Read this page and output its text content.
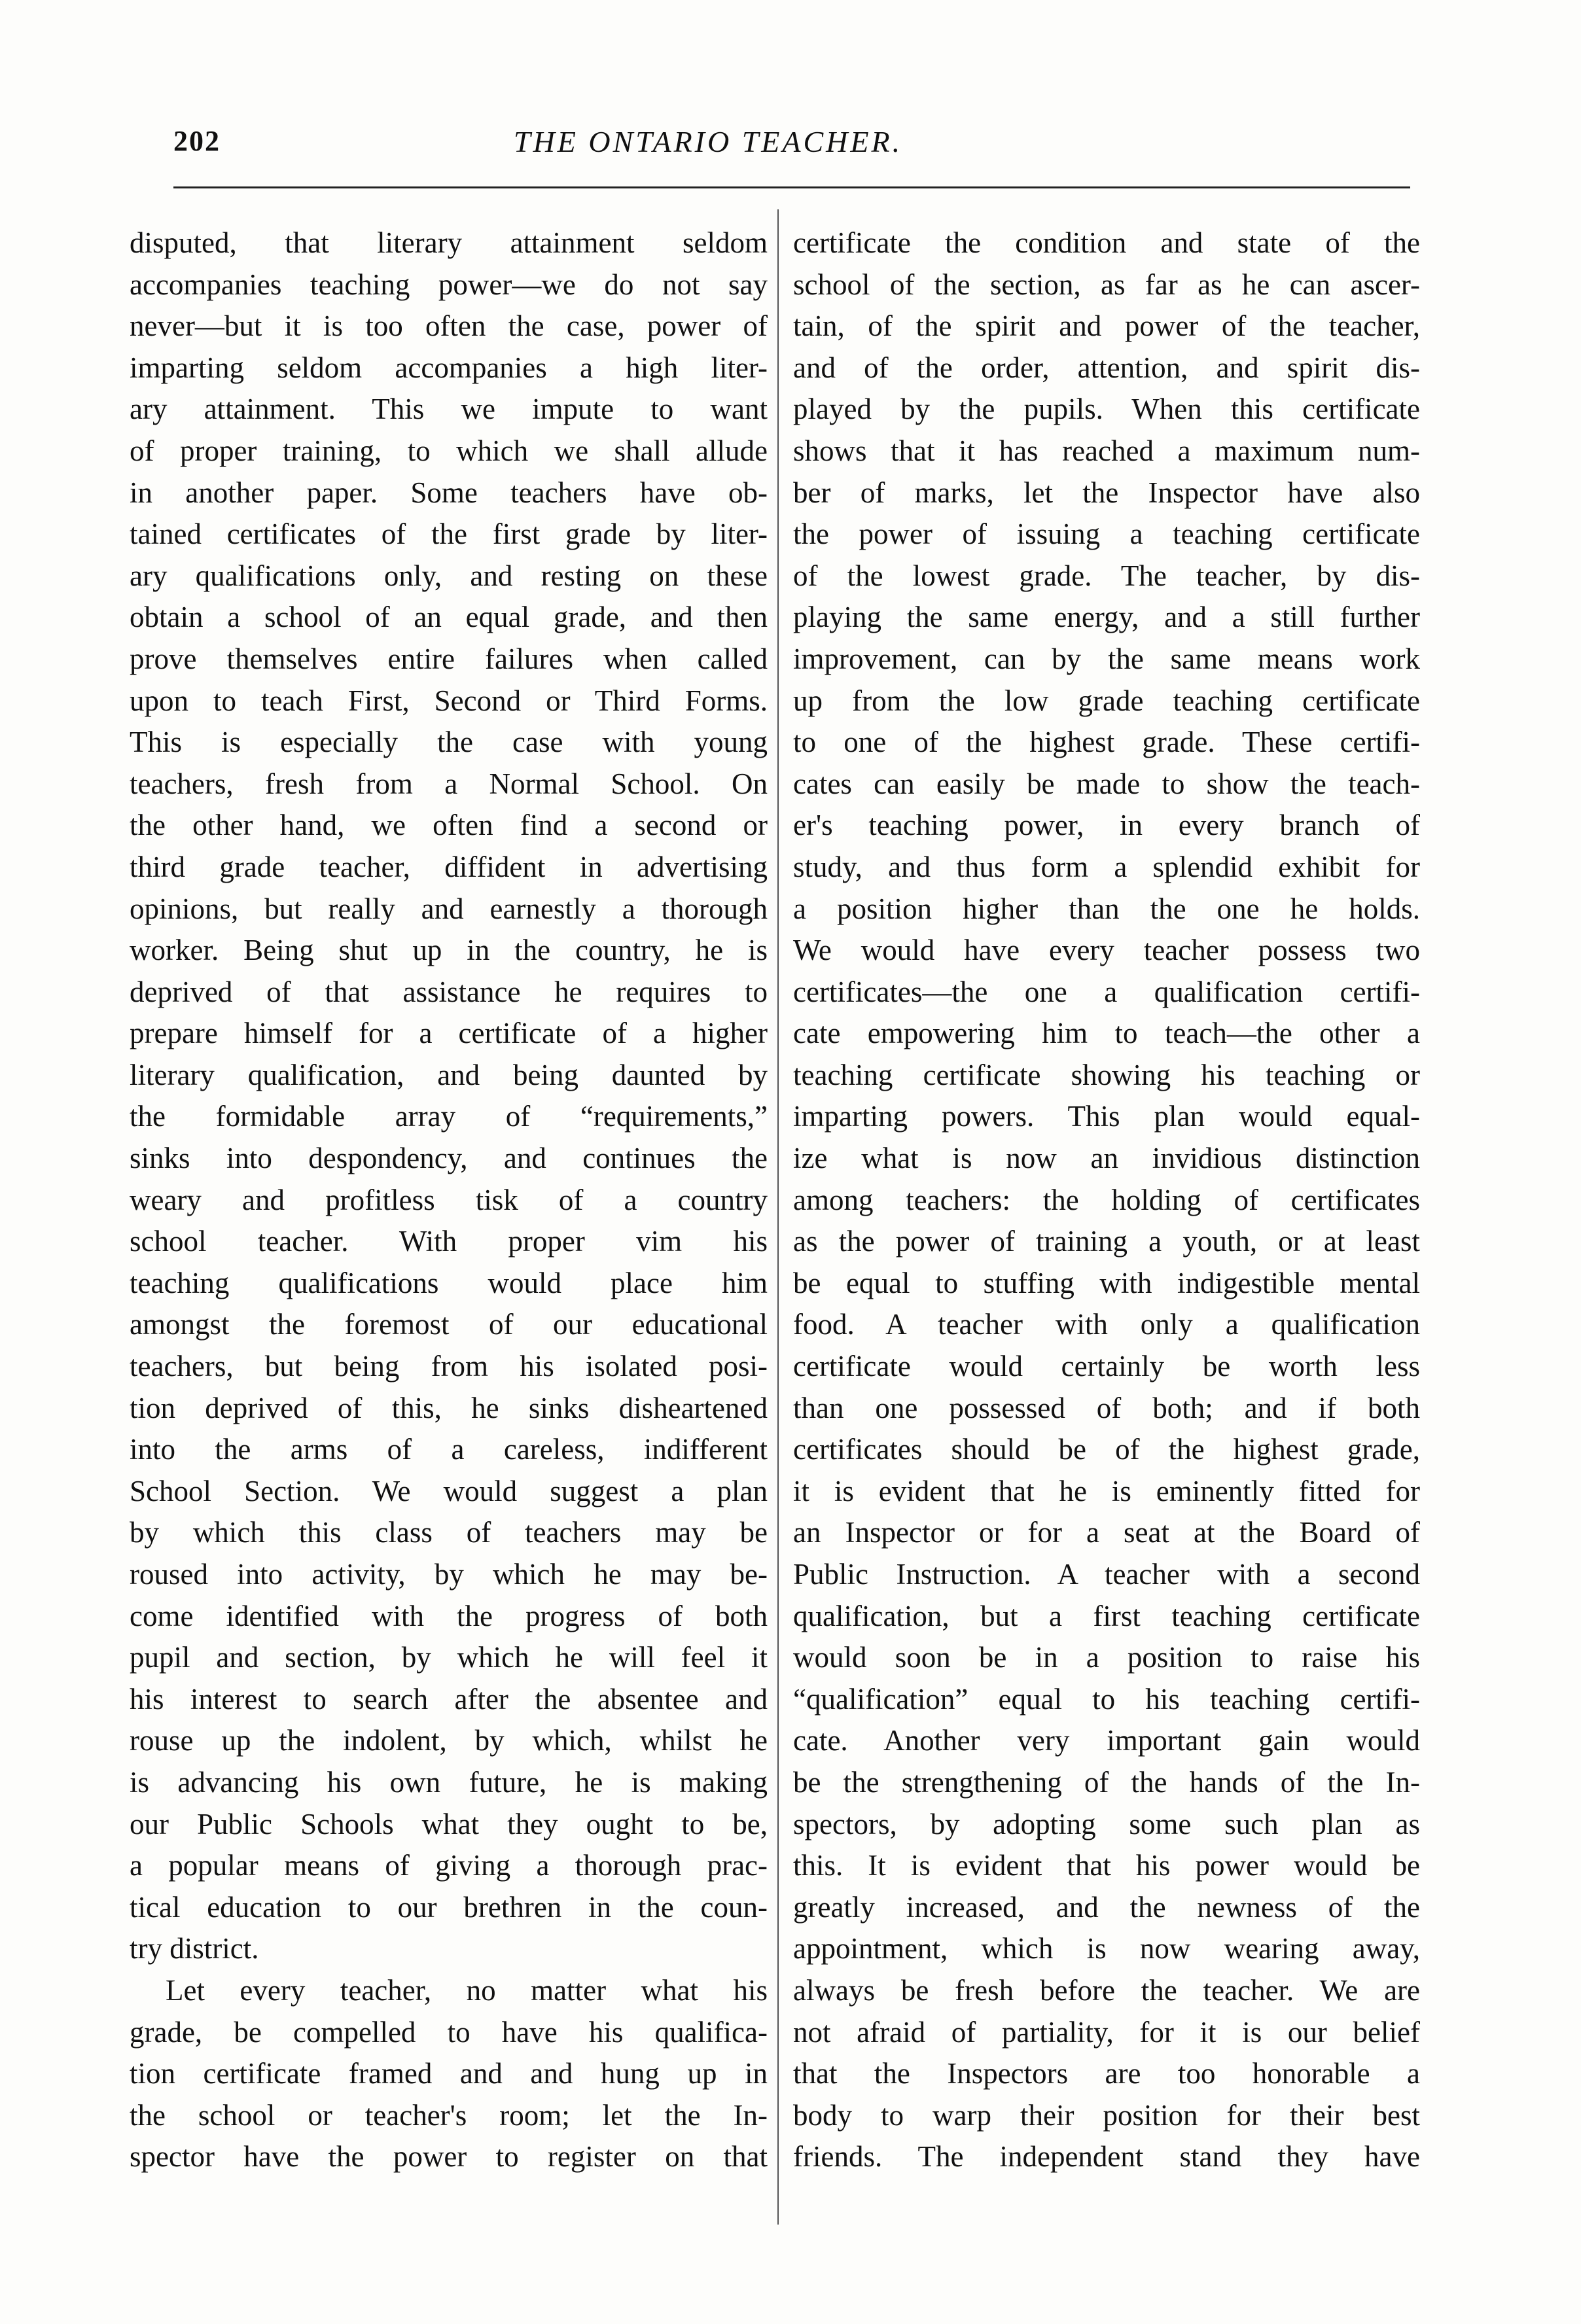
202	THE ONTARIO TEACHER.
disputed, that literary attainment seldom
accompanies teaching power—we do not say
never—but it is too often the case, power of
imparting seldom accompanies a high liter-
ary attainment. This we impute to want
of proper training, to which we shall allude
in another paper. Some teachers have ob-
tained certificates of the first grade by liter-
ary qualifications only, and resting on these
obtain a school of an equal grade, and then
prove themselves entire failures when called
upon to teach First, Second or Third Forms.
This is especially the case with young
teachers, fresh from a Normal School. On
the other hand, we often find a second or
third grade teacher, diffident in advertising
opinions, but really and earnestly a thorough
worker. Being shut up in the country, he is
deprived of that assistance he requires to
prepare himself for a certificate of a higher
literary qualification, and being daunted by
the formidable array of “requirements,”
sinks into despondency, and continues the
weary and profitless tisk of a country
school teacher. With proper vim his
teaching qualifications would place him
amongst the foremost of our educational
teachers, but being from his isolated posi-
tion deprived of this, he sinks disheartened
into the arms of a careless, indifferent
School Section. We would suggest a plan
by which this class of teachers may be
roused into activity, by which he may be-
come identified with the progress of both
pupil and section, by which he will feel it
his interest to search after the absentee and
rouse up the indolent, by which, whilst he
is advancing his own future, he is making
our Public Schools what they ought to be,
a popular means of giving a thorough prac-
tical education to our brethren in the coun-
try district.
Let every teacher, no matter what his
grade, be compelled to have his qualifica-
tion certificate framed and and hung up in
the school or teacher's room; let the In-
spector have the power to register on that
certificate the condition and state of the
school of the section, as far as he can ascer-
tain, of the spirit and power of the teacher,
and of the order, attention, and spirit dis-
played by the pupils. When this certificate
shows that it has reached a maximum num-
ber of marks, let the Inspector have also
the power of issuing a teaching certificate
of the lowest grade. The teacher, by dis-
playing the same energy, and a still further
improvement, can by the same means work
up from the low grade teaching certificate
to one of the highest grade. These certifi-
cates can easily be made to show the teach-
er's teaching power, in every branch of
study, and thus form a splendid exhibit for
a position higher than the one he holds.
We would have every teacher possess two
certificates—the one a qualification certifi-
cate empowering him to teach—the other a
teaching certificate showing his teaching or
imparting powers. This plan would equal-
ize what is now an invidious distinction
among teachers: the holding of certificates
as the power of training a youth, or at least
be equal to stuffing with indigestible mental
food. A teacher with only a qualification
certificate would certainly be worth less
than one possessed of both; and if both
certificates should be of the highest grade,
it is evident that he is eminently fitted for
an Inspector or for a seat at the Board of
Public Instruction. A teacher with a second
qualification, but a first teaching certificate
would soon be in a position to raise his
“qualification” equal to his teaching certifi-
cate. Another very important gain would
be the strengthening of the hands of the In-
spectors, by adopting some such plan as
this. It is evident that his power would be
greatly increased, and the newness of the
appointment, which is now wearing away,
always be fresh before the teacher. We are
not afraid of partiality, for it is our belief
that the Inspectors are too honorable a
body to warp their position for their best
friends. The independent stand they have
